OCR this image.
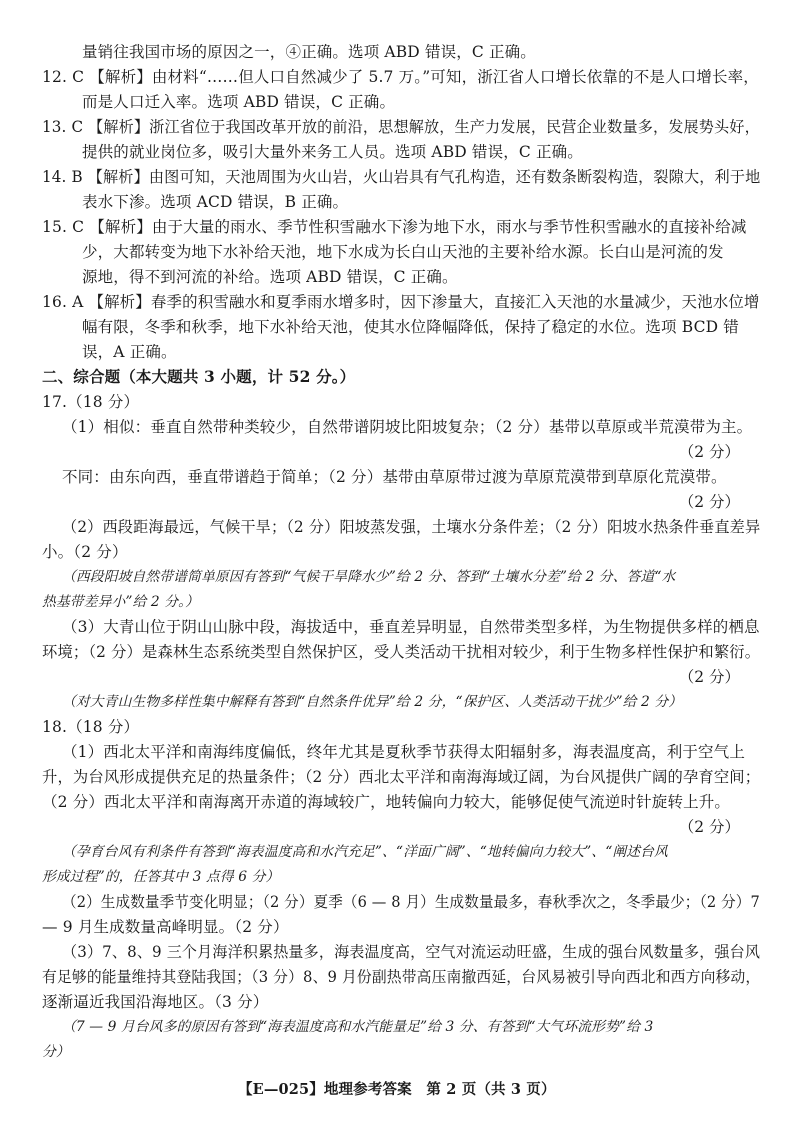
量销往我国市场的原因之一，④正确。选项 ABD 错误，C 正确。
12. C 【解析】由材料“……但人口自然减少了 5.7 万。”可知，浙江省人口增长依靠的不是人口增长率，
而是人口迁入率。选项 ABD 错误，C 正确。
13. C 【解析】浙江省位于我国改革开放的前沿，思想解放，生产力发展，民营企业数量多，发展势头好，
提供的就业岗位多，吸引大量外来务工人员。选项 ABD 错误，C 正确。
14. B 【解析】由图可知，天池周围为火山岩，火山岩具有气孔构造，还有数条断裂构造，裂隙大，利于地
表水下渗。选项 ACD 错误，B 正确。
15. C 【解析】由于大量的雨水、季节性积雪融水下渗为地下水，雨水与季节性积雪融水的直接补给减
少，大都转变为地下水补给天池，地下水成为长白山天池的主要补给水源。长白山是河流的发
源地，得不到河流的补给。选项 ABD 错误，C 正确。
16. A 【解析】春季的积雪融水和夏季雨水增多时，因下渗量大，直接汇入天池的水量减少，天池水位增
幅有限，冬季和秋季，地下水补给天池，使其水位降幅降低，保持了稳定的水位。选项 BCD 错
误，A 正确。
二、综合题（本大题共 3 小题，计 52 分。）
17.（18 分）
（1）相似：垂直自然带种类较少，自然带谱阴坡比阳坡复杂；（2 分）基带以草原或半荒漠带为主。
（2 分）
不同：由东向西，垂直带谱趋于简单；（2 分）基带由草原带过渡为草原荒漠带到草原化荒漠带。
（2 分）
（2）西段距海最远，气候干旱；（2 分）阳坡蒸发强，土壤水分条件差；（2 分）阳坡水热条件垂直差异
小。（2 分）
（西段阳坡自然带谱简单原因有答到“气候干旱降水少”给 2 分、答到“土壤水分差”给 2 分、答道“水
热基带差异小”给 2 分。）
（3）大青山位于阴山山脉中段，海拔适中，垂直差异明显，自然带类型多样，为生物提供多样的栖息
环境；（2 分）是森林生态系统类型自然保护区，受人类活动干扰相对较少，利于生物多样性保护和繁衍。
（2 分）
（对大青山生物多样性集中解释有答到“自然条件优异”给 2 分，“保护区、人类活动干扰少”给 2 分）
18.（18 分）
（1）西北太平洋和南海纬度偏低，终年尤其是夏秋季节获得太阳辐射多，海表温度高，利于空气上
升，为台风形成提供充足的热量条件；（2 分）西北太平洋和南海海域辽阔，为台风提供广阔的孕育空间；
（2 分）西北太平洋和南海离开赤道的海域较广，地转偏向力较大，能够促使气流逆时针旋转上升。
（2 分）
（孕育台风有利条件有答到“海表温度高和水汽充足”、“洋面广阔”、“地转偏向力较大”、“阐述台风
形成过程”的，任答其中 3 点得 6 分）
（2）生成数量季节变化明显；（2 分）夏季（6 — 8 月）生成数量最多，春秋季次之，冬季最少；（2 分）7
— 9 月生成数量高峰明显。（2 分）
（3）7、8、9 三个月海洋积累热量多，海表温度高，空气对流运动旺盛，生成的强台风数量多，强台风
有足够的能量维持其登陆我国；（3 分）8、9 月份副热带高压南撤西延，台风易被引导向西北和西方向移动，
逐渐逼近我国沿海地区。（3 分）
（7 — 9 月台风多的原因有答到“海表温度高和水汽能量足”给 3 分、有答到“大气环流形势”给 3
分）
【E—025】地理参考答案　第 2 页（共 3 页）
